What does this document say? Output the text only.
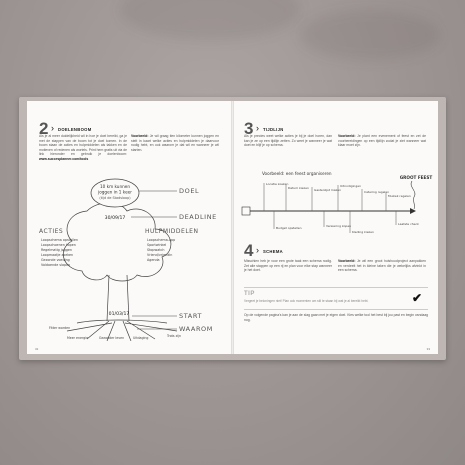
2 › DOELENBOOM
Als je al meer duidelijkheid wil in hoe je doel bereikt, ga je met de stappen van de boom tot je doel komen. In de boom staan de acties en hulpmiddelen als takken en de motieven of redenen als wortels. Print hem gratis uit via de link hieronder en gebruik je doelenboom: www.succesplanner.com/tools
Voorbeeld: Je wil graag tien kilometer kunnen joggen en stelt in kaart welke acties en hulpmiddelen je daarvoor nodig hebt, en ook waarom je dat wil en wanneer je wil starten.
10 km kunnen
joggen in 1 keer
(tijd de Stadsloop)
30/09/17
DOEL
DEADLINE
ACTIES	HULPMIDDELEN
START
WAAROM
Loopschema opstellen
Loopschoenen kopen
Regelmatig joggen
Loopmaatje zoeken
Gezonde voeding
Voldoende slapen
Loopschema-app
Sportwinkel
Stopwatch
Vriend/vriendin
Agenda
01/03/17
Fitter worden
Meer energie	Gezonder leven	Uitdaging	Trots zijn
32
3 › TIJDLIJN
Als je precies weet welke acties je bij je doel horen, dan kan je ze op een tijdlijn zetten. Zo weet je wanneer je wat doet en blijf je op schema.
Voorbeeld: Je plant een evenement of feest en zet de voorbereidingen op een tijdlijn zodat je ziet wanneer wat klaar moet zijn.
Voorbeeld: een feest organiseren
GROOT FEEST
Locatie zoeken
Datum kiezen Gastenlijst maken
Uitnodigingen
Catering regelen
Muziek regelen
Budget opstellen	Versiering kopen
Kleding kiezen
Laatste check
4 › SCHEMA
Misschien heb je voor een grote taak een schema nodig. Zet alle stappen op een rij en plan voor elke stap wanneer je het doet.
Voorbeeld: Je wil een groot huishoudproject aanpakken en verdeelt het in kleine taken die je wekelijks afvinkt in een schema.
TIP
Vergeet je beloningen niet! Plan ook momenten om stil te staan bij wat je al bereikt hebt.	✔
Op de volgende pagina's kan je aan de slag gaan met je eigen doel. Kies welke tool het best bij jou past en begin vandaag nog.
33
